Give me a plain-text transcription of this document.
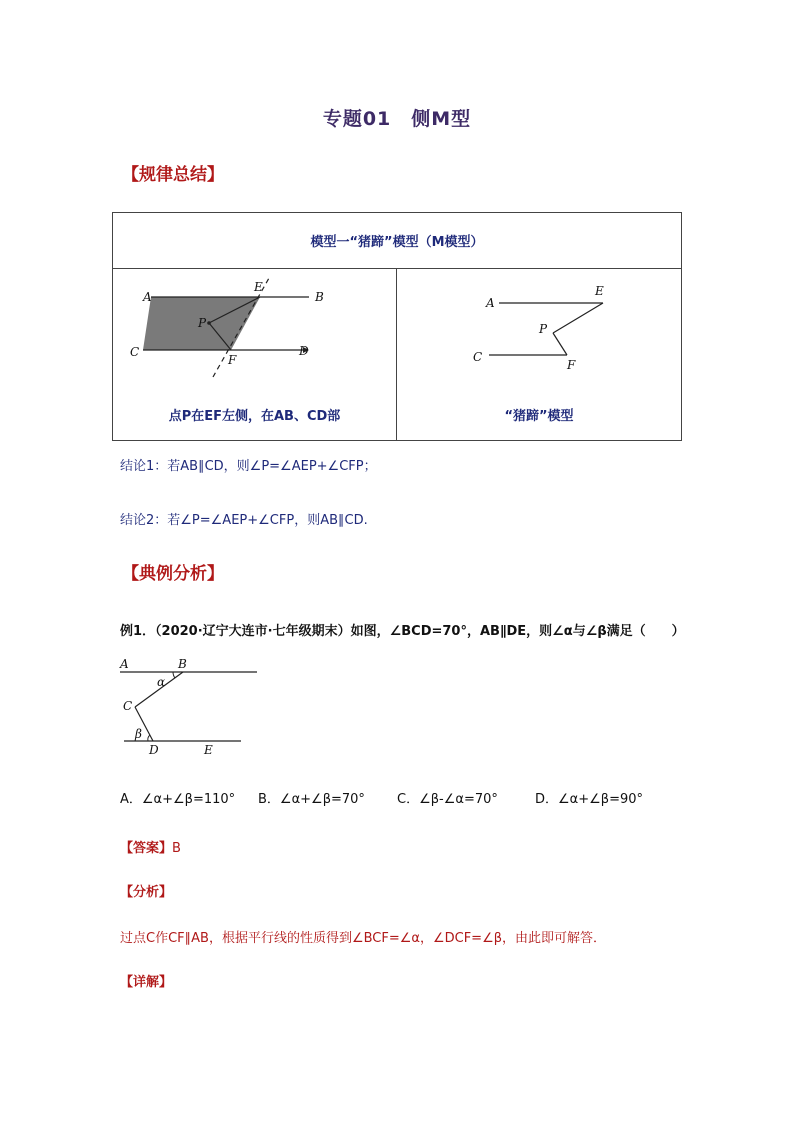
专题01　侧M型
【规律总结】
模型一“猪蹄”模型（M模型）

A	B
C	D
E
F
P
点P在EF左侧，在AB、CD部

A
E
P
C
F
“猪蹄”模型
结论1：若AB∥CD，则∠P=∠AEP+∠CFP；
结论2：若∠P=∠AEP+∠CFP，则AB∥CD.
【典例分析】
例1．（2020·辽宁大连市·七年级期末）如图，∠BCD=70°，AB∥DE，则∠α与∠β满足（　　）
A	B
α
C
β
D	E
A．∠α+∠β=110° B．∠α+∠β=70° C．∠β-∠α=70°	D．∠α+∠β=90°
【答案】B
【分析】
过点C作CF∥AB，根据平行线的性质得到∠BCF=∠α，∠DCF=∠β，由此即可解答．
【详解】
